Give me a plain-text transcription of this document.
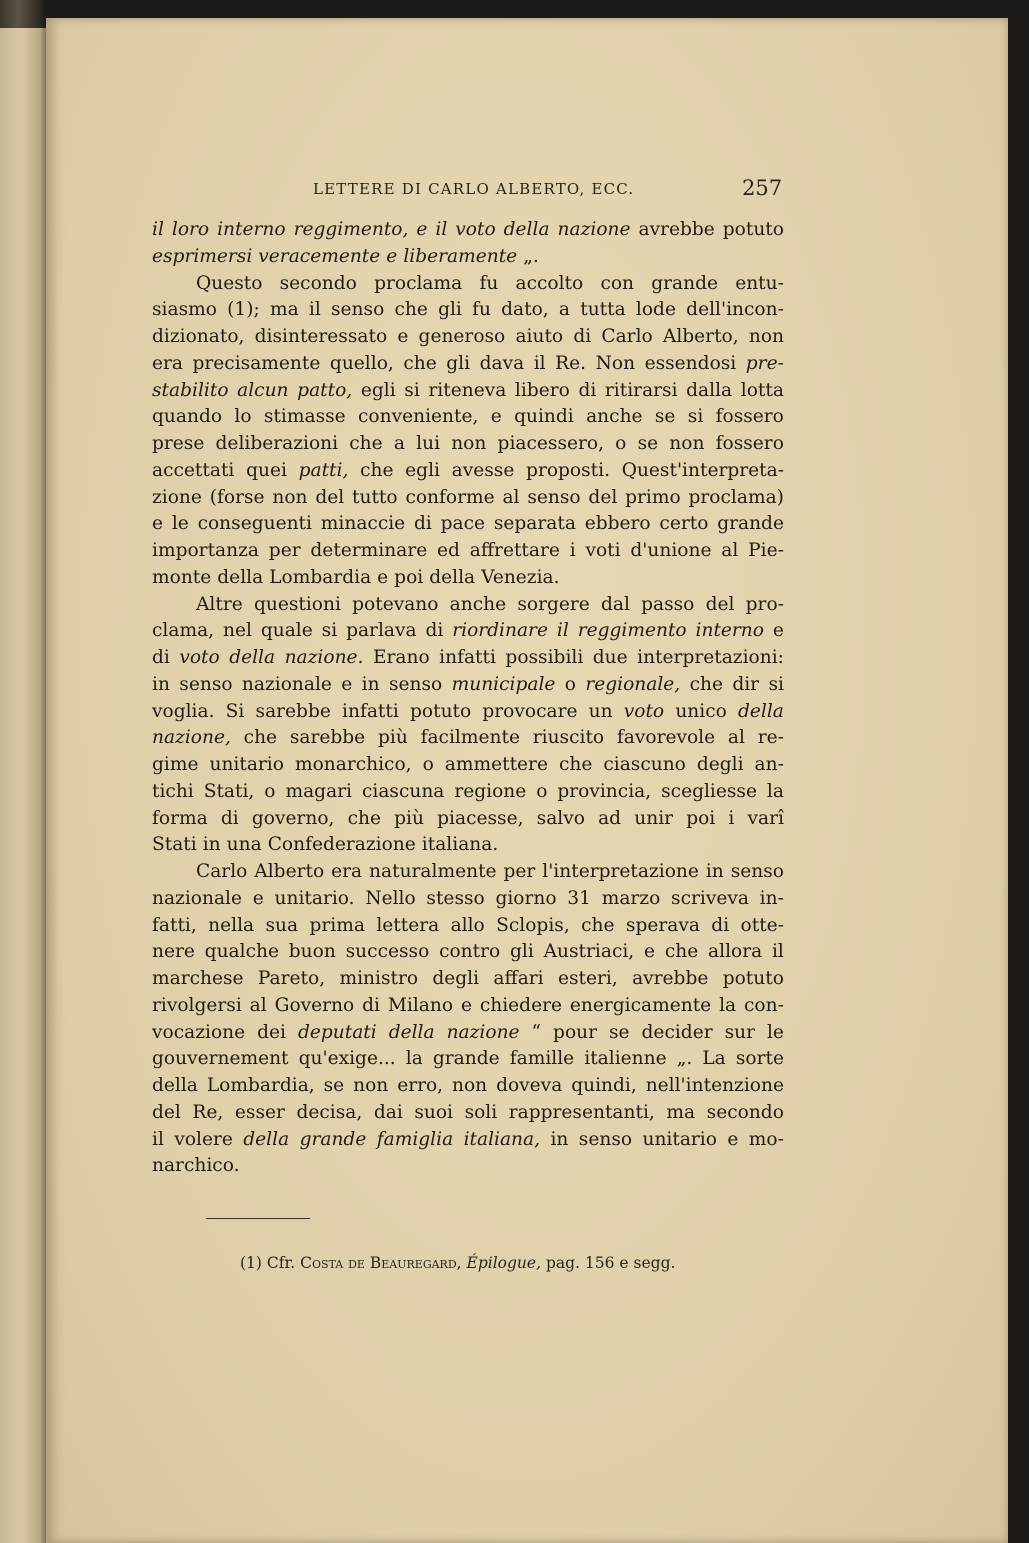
LETTERE DI CARLO ALBERTO, ECC.	257
il loro interno reggimento, e il voto della nazione avrebbe potuto
esprimersi veracemente e liberamente „.
Questo secondo proclama fu accolto con grande entu-
siasmo (1); ma il senso che gli fu dato, a tutta lode dell'incon-
dizionato, disinteressato e generoso aiuto di Carlo Alberto, non
era precisamente quello, che gli dava il Re. Non essendosi pre-
stabilito alcun patto, egli si riteneva libero di ritirarsi dalla lotta
quando lo stimasse conveniente, e quindi anche se si fossero
prese deliberazioni che a lui non piacessero, o se non fossero
accettati quei patti, che egli avesse proposti. Quest'interpreta-
zione (forse non del tutto conforme al senso del primo proclama)
e le conseguenti minaccie di pace separata ebbero certo grande
importanza per determinare ed affrettare i voti d'unione al Pie-
monte della Lombardia e poi della Venezia.
Altre questioni potevano anche sorgere dal passo del pro-
clama, nel quale si parlava di riordinare il reggimento interno e
di voto della nazione. Erano infatti possibili due interpretazioni:
in senso nazionale e in senso municipale o regionale, che dir si
voglia. Si sarebbe infatti potuto provocare un voto unico della
nazione, che sarebbe più facilmente riuscito favorevole al re-
gime unitario monarchico, o ammettere che ciascuno degli an-
tichi Stati, o magari ciascuna regione o provincia, scegliesse la
forma di governo, che più piacesse, salvo ad unir poi i varî
Stati in una Confederazione italiana.
Carlo Alberto era naturalmente per l'interpretazione in senso
nazionale e unitario. Nello stesso giorno 31 marzo scriveva in-
fatti, nella sua prima lettera allo Sclopis, che sperava di otte-
nere qualche buon successo contro gli Austriaci, e che allora il
marchese Pareto, ministro degli affari esteri, avrebbe potuto
rivolgersi al Governo di Milano e chiedere energicamente la con-
vocazione dei deputati della nazione “ pour se decider sur le
gouvernement qu'exige... la grande famille italienne „. La sorte
della Lombardia, se non erro, non doveva quindi, nell'intenzione
del Re, esser decisa, dai suoi soli rappresentanti, ma secondo
il volere della grande famiglia italiana, in senso unitario e mo-
narchico.
(1) Cfr. Costa de Beauregard, Épilogue, pag. 156 e segg.
